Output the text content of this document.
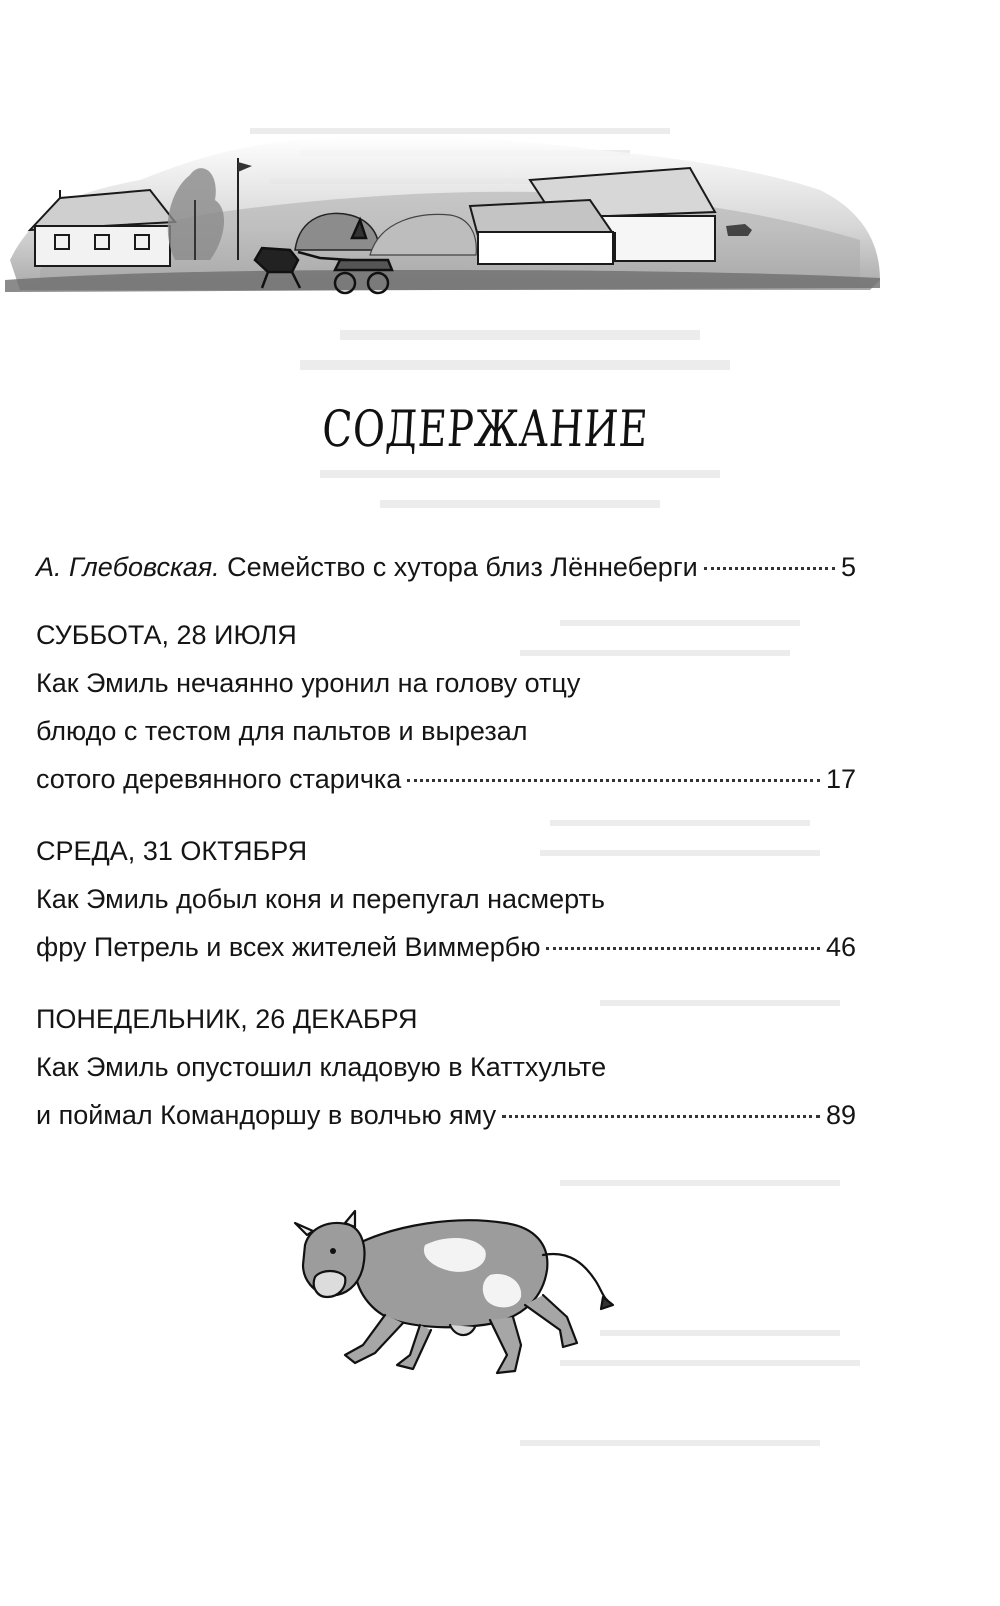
СОДЕРЖАНИЕ
А. Глебовская. Семейство с хутора близ Лённеберги	5
СУББОТА, 28 ИЮЛЯ
Как Эмиль нечаянно уронил на голову отцу
блюдо с тестом для пальтов и вырезал
сотого деревянного старичка	17
СРЕДА, 31 ОКТЯБРЯ
Как Эмиль добыл коня и перепугал насмерть
фру Петрель и всех жителей Виммербю	46
ПОНЕДЕЛЬНИК, 26 ДЕКАБРЯ
Как Эмиль опустошил кладовую в Каттхульте
и поймал Командоршу в волчью яму	89
